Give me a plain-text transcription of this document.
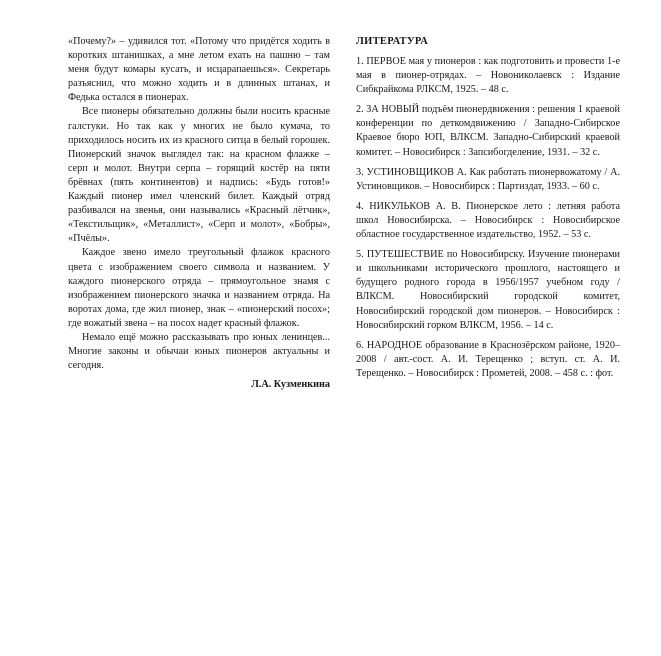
«Почему?» – удивился тот. «Потому что придётся ходить в коротких штанишках, а мне летом ехать на пашню – там меня будут комары кусать, и исцарапаешься». Секретарь разъяснил, что можно ходить и в длинных штанах, и Федька остался в пионерах.

Все пионеры обязательно должны были носить красные галстуки. Но так как у многих не было кумача, то приходилось носить их из красного ситца в белый горошек. Пионерский значок выглядел так: на красном флажке – серп и молот. Внутри серпа – горящий костёр на пяти брёвнах (пять континентов) и надпись: «Будь готов!» Каждый пионер имел членский билет. Каждый отряд разбивался на звенья, они назывались «Красный лётчик», «Текстильщик», «Металлист», «Серп и молот», «Бобры», «Пчёлы».

Каждое звено имело треугольный флажок красного цвета с изображением своего символа и названием. У каждого пионерского отряда – прямоугольное знамя с изображением пионерского значка и названием отряда. На воротах дома, где жил пионер, знак – «пионерский посох»; где вожатый звена – на посох надет красный флажок.

Немало ещё можно рассказывать про юных ленинцев... Многие законы и обычаи юных пионеров актуальны и сегодня.

Л.А. Кузменкина
ЛИТЕРАТУРА

1. ПЕРВОЕ мая у пионеров : как подготовить и провести 1-е мая в пионер-отрядах. – Новониколаевск : Издание Сибкрайкома РЛКСМ, 1925. – 48 с.

2. ЗА НОВЫЙ подъём пионердвижения : решения 1 краевой конференции по деткомдвижению / Западно-Сибирское Краевое бюро ЮП, ВЛКСМ. Западно-Сибирский краевой комитет. – Новосибирск : Запсибогделение, 1931. – 32 с.

3. УСТИНОВЩИКОВ А. Как работать пионервожатому / А. Устиновщиков. – Новосибирск : Партиздат, 1933. – 60 с.

4. НИКУЛЬКОВ А. В. Пионерское лето : летняя работа школ Новосибирска. – Новосибирск : Новосибирское областное государственное издательство, 1952. – 53 с.

5. ПУТЕШЕСТВИЕ по Новосибирску. Изучение пионерами и школьниками исторического прошлого, настоящего и будущего родного города в 1956/1957 учебном году / ВЛКСМ. Новосибирский городской комитет, Новосибирский городской дом пионеров. – Новосибирск : Новосибирский горком ВЛКСМ, 1956. – 14 с.

6. НАРОДНОЕ образование в Краснозёрском районе, 1920–2008 / авт.-сост. А. И. Терещенко ; вступ. ст. А. И. Терещенко. – Новосибирск : Прометей, 2008. – 458 с. : фот.
